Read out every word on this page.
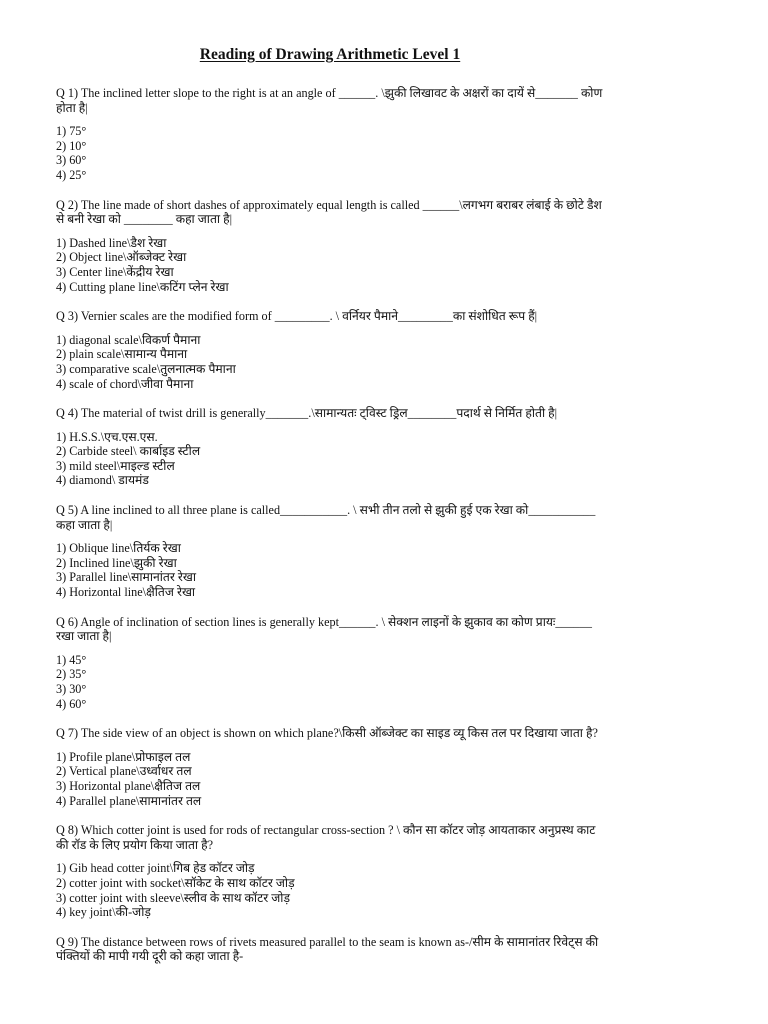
Reading of Drawing Arithmetic Level 1
Q 1) The inclined letter slope to the right is at an angle of ______. \झुकी लिखावट के अक्षरों का दायें से_______ कोण होता है|
1) 75°
2) 10°
3) 60°
4) 25°
Q 2) The line made of short dashes of approximately equal length is called ______\लगभग बराबर लंबाई के छोटे डैश से बनी रेखा को ________ कहा जाता है|
1) Dashed line\डैश रेखा
2) Object line\ऑब्जेक्ट रेखा
3) Center line\केंद्रीय रेखा
4) Cutting plane line\कटिंग प्लेन रेखा
Q 3) Vernier scales are the modified form of _________. \ वर्नियर पैमाने_________का संशोधित रूप हैं|
1) diagonal scale\विकर्ण पैमाना
2) plain scale\सामान्य पैमाना
3) comparative scale\तुलनात्मक पैमाना
4) scale of chord\जीवा पैमाना
Q 4) The material of twist drill is generally_______.\सामान्यतः ट्विस्ट ड्रिल________पदार्थ से निर्मित होती है|
1) H.S.S.\एच.एस.एस.
2) Carbide steel\ कार्बाइड स्टील
3) mild steel\माइल्ड स्टील
4) diamond\ डायमंड
Q 5) A line inclined to all three plane is called___________. \ सभी तीन तलो से झुकी हुई एक रेखा को___________ कहा जाता है|
1) Oblique line\तिर्यक रेखा
2) Inclined line\झुकी रेखा
3) Parallel line\सामानांतर रेखा
4) Horizontal line\क्षैतिज रेखा
Q 6) Angle of inclination of section lines is generally kept______. \ सेक्शन लाइनों के झुकाव का कोण प्रायः______ रखा जाता है|
1) 45°
2) 35°
3) 30°
4) 60°
Q 7) The side view of an object is shown on which plane?\किसी ऑब्जेक्ट का साइड व्यू किस तल पर दिखाया जाता है?
1) Profile plane\प्रोफाइल तल
2) Vertical plane\उर्ध्वाधर तल
3) Horizontal plane\क्षैतिज तल
4) Parallel plane\सामानांतर तल
Q 8) Which cotter joint is used for rods of rectangular cross-section ? \ कौन सा कॉटर जोड़ आयताकार अनुप्रस्थ काट की रॉड के लिए प्रयोग किया जाता है?
1) Gib head cotter joint\गिब हेड कॉटर जोड़
2) cotter joint with socket\सॉकेट के साथ कॉटर जोड़
3) cotter joint with sleeve\स्लीव के साथ कॉटर जोड़
4) key joint\की-जोड़
Q 9) The distance between rows of rivets measured parallel to the seam is known as-/सीम के सामानांतर रिवेट्स की पंक्तियों की मापी गयी दूरी को कहा जाता है-
